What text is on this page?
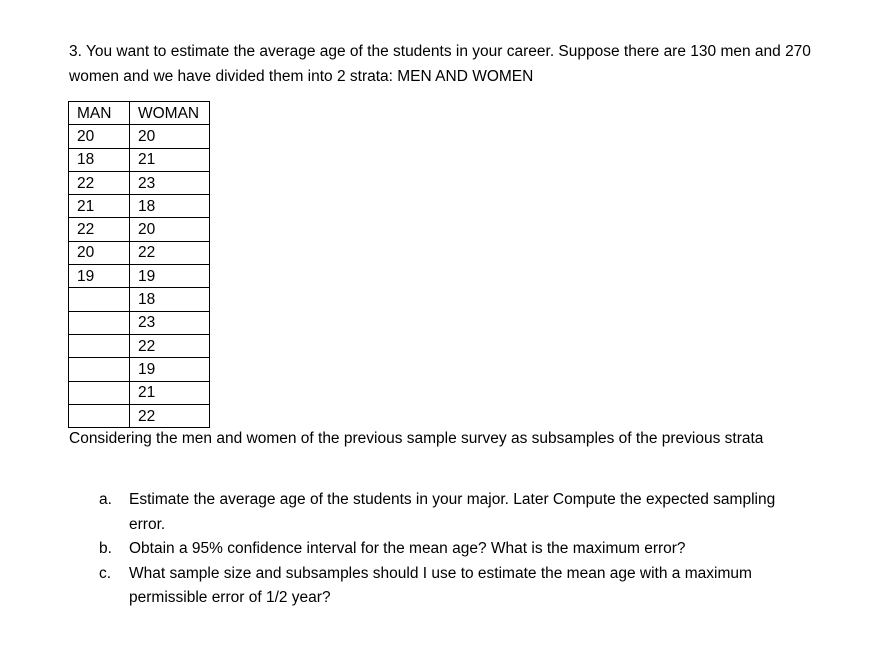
3. You want to estimate the average age of the students in your career. Suppose there are 130 men and 270 women and we have divided them into 2 strata: MEN AND WOMEN

MAN	WOMAN
20	20
18	21
22	23
21	18
22	20
20	22
19	19
	18
	23
	22
	19
	21
	22

Considering the men and women of the previous sample survey as subsamples of the previous strata

a. Estimate the average age of the students in your major. Later Compute the expected sampling error.
b. Obtain a 95% confidence interval for the mean age? What is the maximum error?
c. What sample size and subsamples should I use to estimate the mean age with a maximum permissible error of 1/2 year?
